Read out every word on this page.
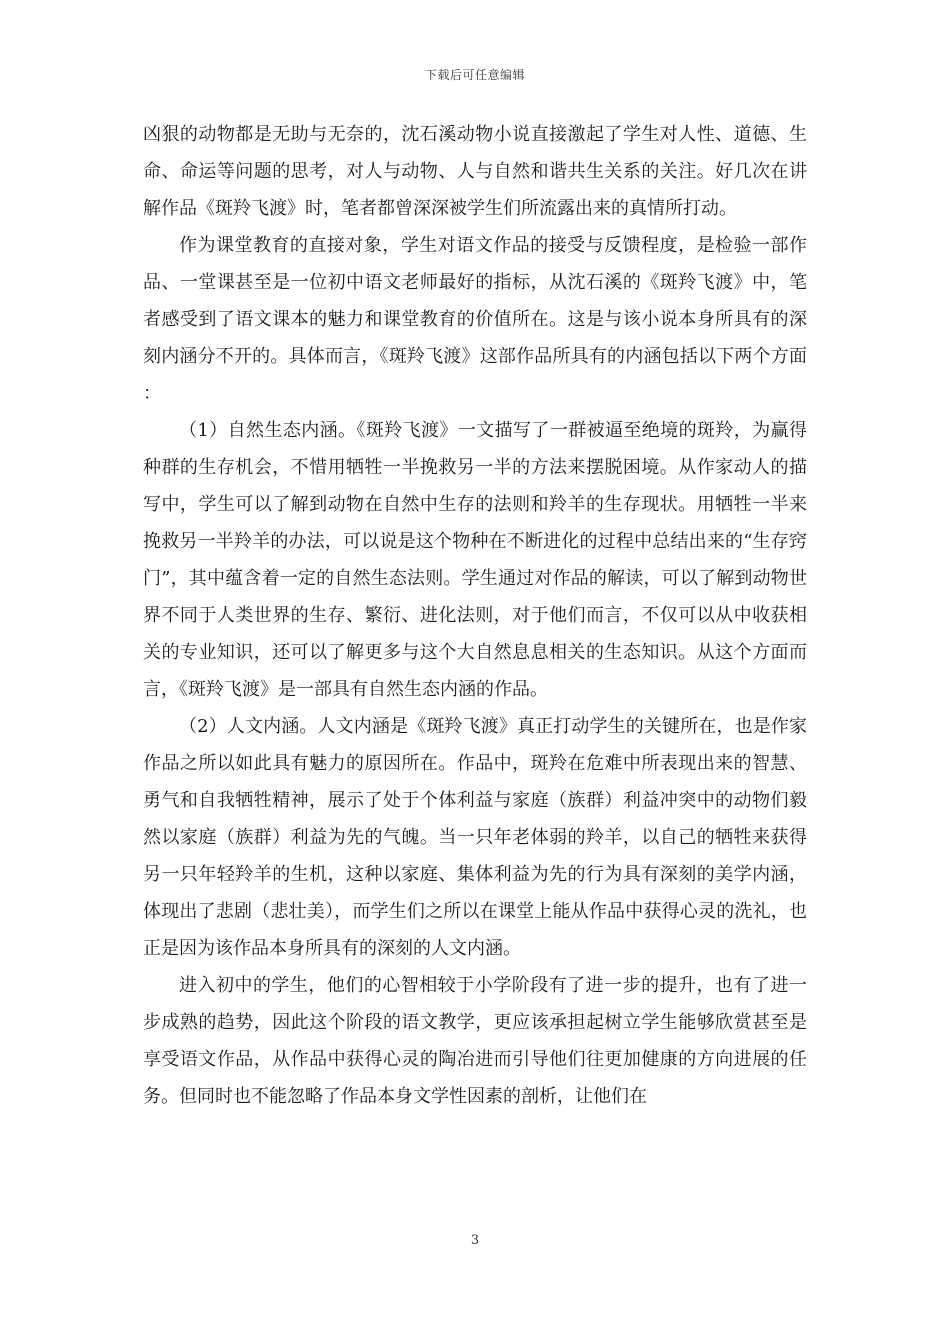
下载后可任意编辑

凶狠的动物都是无助与无奈的，沈石溪动物小说直接激起了学生对人性、道德、生命、命运等问题的思考，对人与动物、人与自然和谐共生关系的关注。好几次在讲解作品《斑羚飞渡》时，笔者都曾深深被学生们所流露出来的真情所打动。

作为课堂教育的直接对象，学生对语文作品的接受与反馈程度，是检验一部作品、一堂课甚至是一位初中语文老师最好的指标，从沈石溪的《斑羚飞渡》中，笔者感受到了语文课本的魅力和课堂教育的价值所在。这是与该小说本身所具有的深刻内涵分不开的。具体而言，《斑羚飞渡》这部作品所具有的内涵包括以下两个方面：

（1）自然生态内涵。《斑羚飞渡》一文描写了一群被逼至绝境的斑羚，为赢得种群的生存机会，不惜用牺牲一半挽救另一半的方法来摆脱困境。从作家动人的描写中，学生可以了解到动物在自然中生存的法则和羚羊的生存现状。用牺牲一半来挽救另一半羚羊的办法，可以说是这个物种在不断进化的过程中总结出来的“生存窍门”，其中蕴含着一定的自然生态法则。学生通过对作品的解读，可以了解到动物世界不同于人类世界的生存、繁衍、进化法则，对于他们而言，不仅可以从中收获相关的专业知识，还可以了解更多与这个大自然息息相关的生态知识。从这个方面而言，《斑羚飞渡》是一部具有自然生态内涵的作品。

（2）人文内涵。人文内涵是《斑羚飞渡》真正打动学生的关键所在，也是作家作品之所以如此具有魅力的原因所在。作品中，斑羚在危难中所表现出来的智慧、勇气和自我牺牲精神，展示了处于个体利益与家庭（族群）利益冲突中的动物们毅然以家庭（族群）利益为先的气魄。当一只年老体弱的羚羊，以自己的牺牲来获得另一只年轻羚羊的生机，这种以家庭、集体利益为先的行为具有深刻的美学内涵，体现出了悲剧（悲壮美），而学生们之所以在课堂上能从作品中获得心灵的洗礼，也正是因为该作品本身所具有的深刻的人文内涵。

进入初中的学生，他们的心智相较于小学阶段有了进一步的提升，也有了进一步成熟的趋势，因此这个阶段的语文教学，更应该承担起树立学生能够欣赏甚至是享受语文作品，从作品中获得心灵的陶冶进而引导他们往更加健康的方向进展的任务。但同时也不能忽略了作品本身文学性因素的剖析，让他们在

3
